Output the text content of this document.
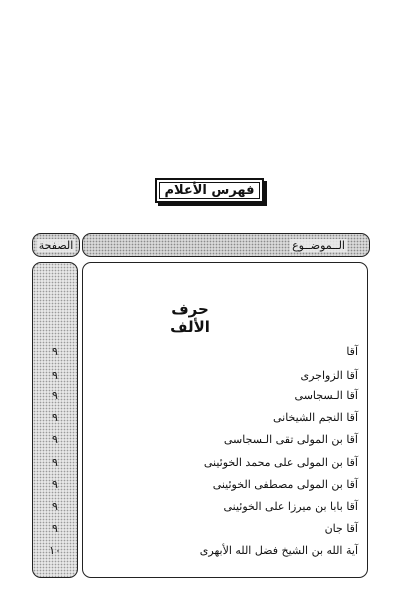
فهرس الأعلام
الــموضــوع
الصفحة
حرف الألف
آقا
٩
آقا الزواجرى
٩
آقا الـسجاسى
٩
آقا النجم الشيخانى
٩
آقا بن المولى تقى الـسجاسى
٩
آقا بن المولى على محمد الخوئينى
٩
آقا بن المولى مصطفى الخوئينى
٩
آقا بابا بن ميرزا على الخوئينى
٩
آقا جان
٩
آية الله بن الشيخ فضل الله الأبهرى
١٠
